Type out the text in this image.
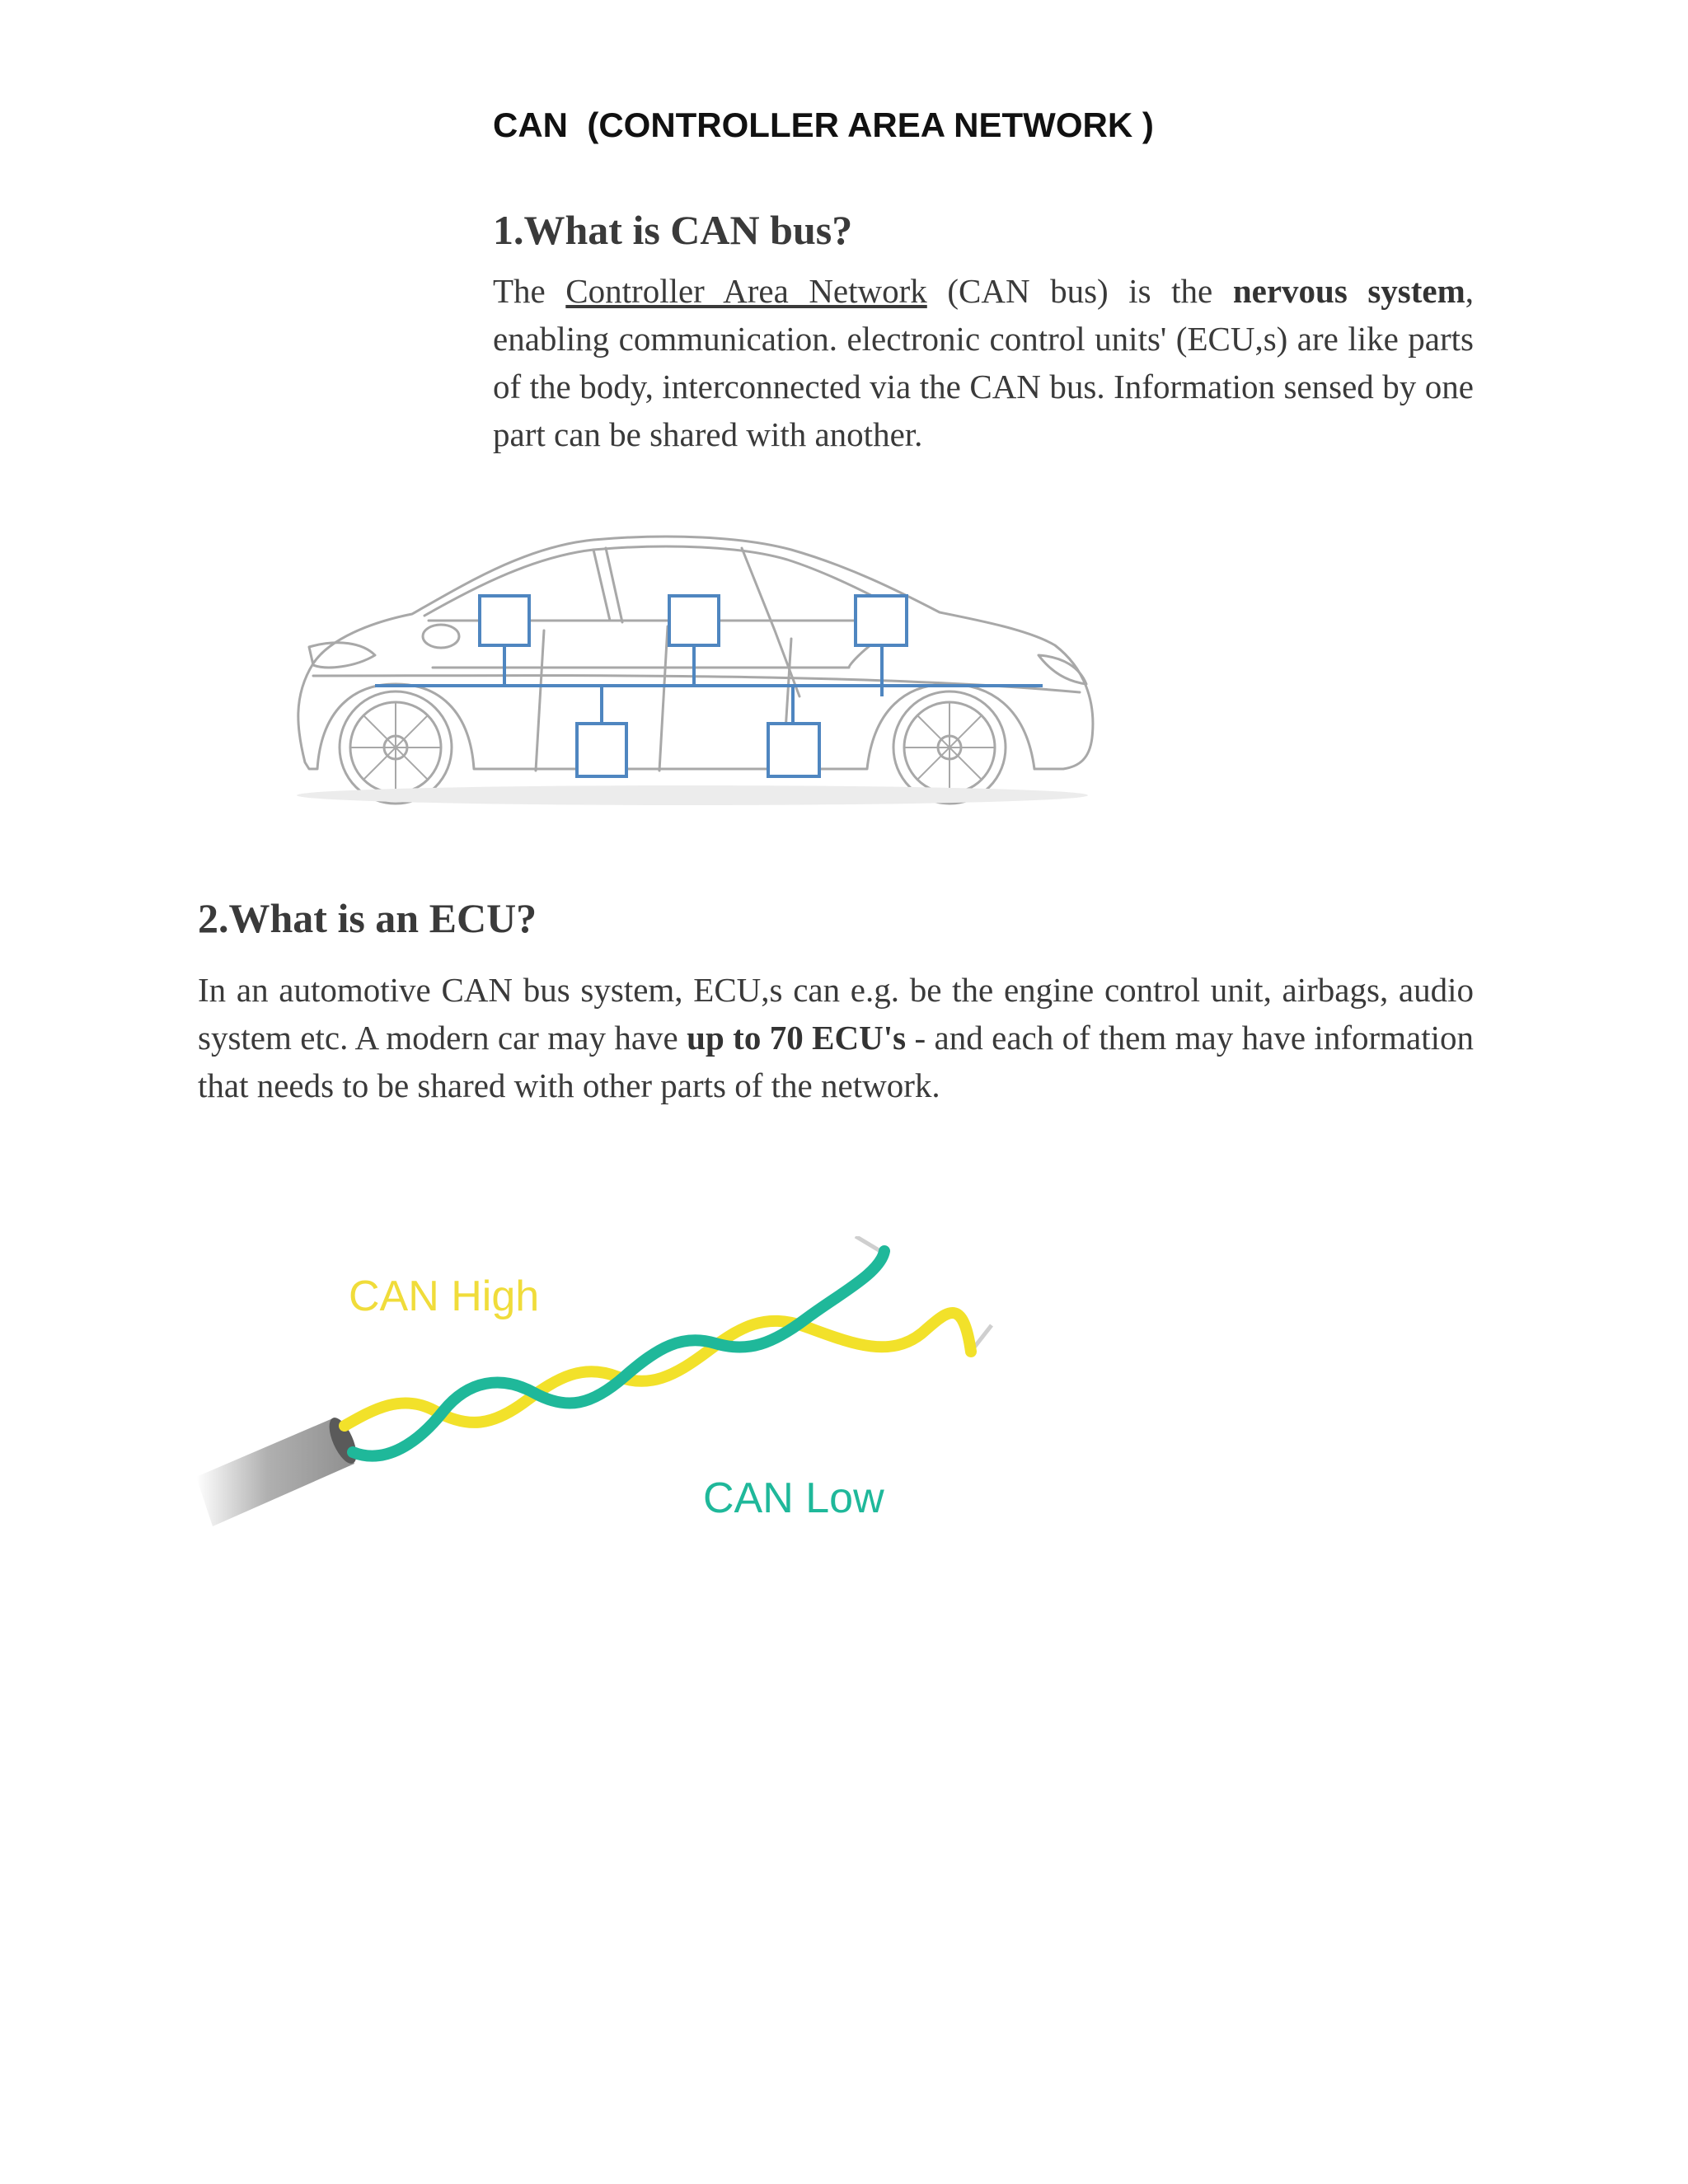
CAN  (CONTROLLER AREA NETWORK )
1.What is CAN bus?

The Controller Area Network (CAN bus) is the nervous system, enabling communication. electronic control units' (ECU,s) are like parts of the body, interconnected via the CAN bus. Information sensed by one part can be shared with another.

2.What is an ECU?

In an automotive CAN bus system, ECU,s can e.g. be the engine control unit, airbags, audio system etc. A modern car may have up to 70 ECU's - and each of them may have information that needs to be shared with other parts of the network.

CAN High
CAN Low
